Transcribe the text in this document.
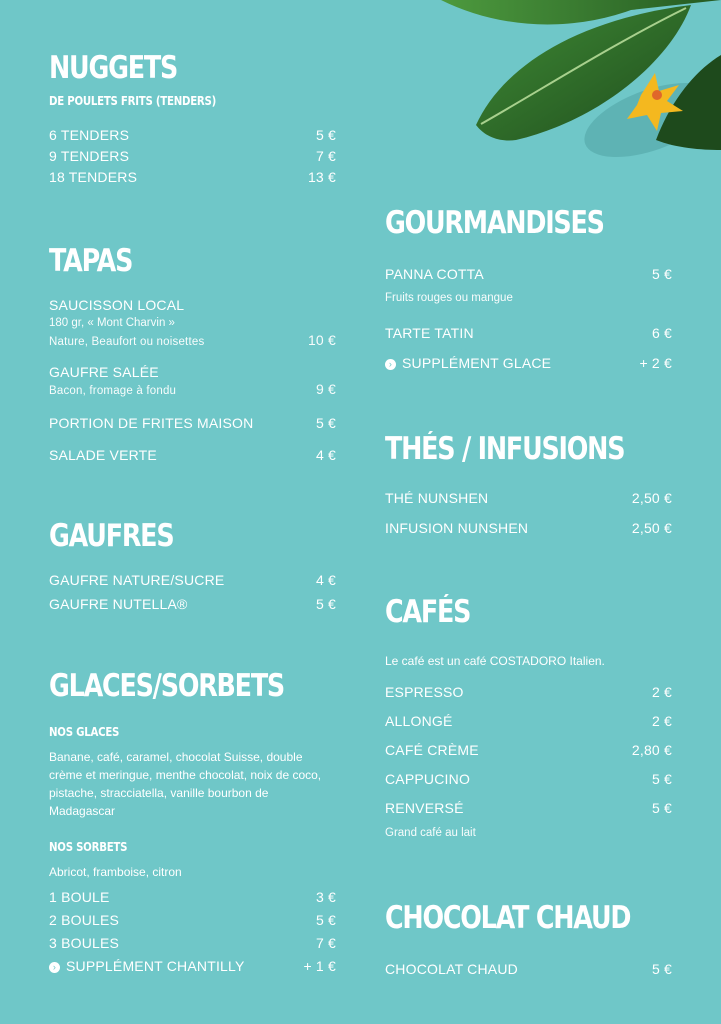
NUGGETS
DE POULETS FRITS (TENDERS)
6 TENDERS	5 €
9 TENDERS	7 €
18 TENDERS	13 €
TAPAS
SAUCISSON LOCAL
180 gr, « Mont Charvin »
Nature, Beaufort ou noisettes	10 €
GAUFRE SALÉE
Bacon, fromage à fondu	9 €
PORTION DE FRITES MAISON	5 €
SALADE VERTE	4 €
GAUFRES
GAUFRE NATURE/SUCRE	4 €
GAUFRE NUTELLA®	5 €
GLACES/SORBETS
NOS GLACES
Banane, café, caramel, chocolat Suisse, double crème et meringue, menthe chocolat, noix de coco, pistache, stracciatella, vanille bourbon de Madagascar
NOS SORBETS
Abricot, framboise, citron
1 BOULE	3 €
2 BOULES	5 €
3 BOULES	7 €
› SUPPLÉMENT CHANTILLY	+ 1 €
GOURMANDISES
PANNA COTTA	5 €
Fruits rouges ou mangue
TARTE TATIN	6 €
› SUPPLÉMENT GLACE	+ 2 €
THÉS / INFUSIONS
THÉ NUNSHEN	2,50 €
INFUSION NUNSHEN	2,50 €
CAFÉS
Le café est un café COSTADORO Italien.
ESPRESSO	2 €
ALLONGÉ	2 €
CAFÉ CRÈME	2,80 €
CAPPUCINO	5 €
RENVERSÉ	5 €
Grand café au lait
CHOCOLAT CHAUD
CHOCOLAT CHAUD	5 €
